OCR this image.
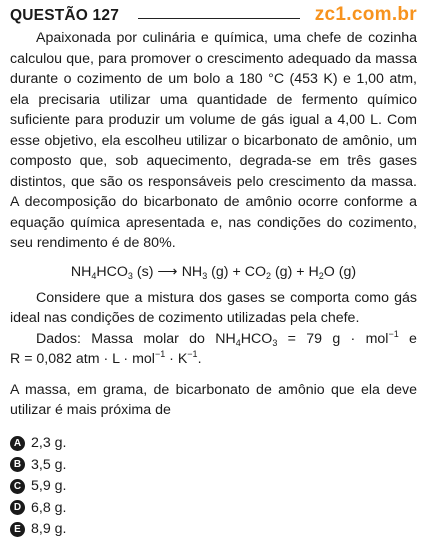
QUESTÃO 127	zc1.com.br

Apaixonada por culinária e química, uma chefe de cozinha calculou que, para promover o crescimento adequado da massa durante o cozimento de um bolo a 180 °C (453 K) e 1,00 atm, ela precisaria utilizar uma quantidade de fermento químico suficiente para produzir um volume de gás igual a 4,00 L. Com esse objetivo, ela escolheu utilizar o bicarbonato de amônio, um composto que, sob aquecimento, degrada-se em três gases distintos, que são os responsáveis pelo crescimento da massa. A decomposição do bicarbonato de amônio ocorre conforme a equação química apresentada e, nas condições do cozimento, seu rendimento é de 80%.

$NH_4HCO_3$ (s) ⟶ $NH_3$ $(g) + CO_2$ $(g) + H_2O$ (g)

Considere que a mistura dos gases se comporta como gás ideal nas condições de cozimento utilizadas pela chefe.

Dados: Massa molar do $NH_4HCO_3 = 79$ g · mol$^{-1}$ e
R = 0,082 atm · $L \cdot mol^{-1} \cdot K^{-1}$.

A massa, em grama, de bicarbonato de amônio que ela deve utilizar é mais próxima de

A 2,3 g.
B 3,5 g.
C 5,9 g.
D 6,8 g.
E 8,9 g.
